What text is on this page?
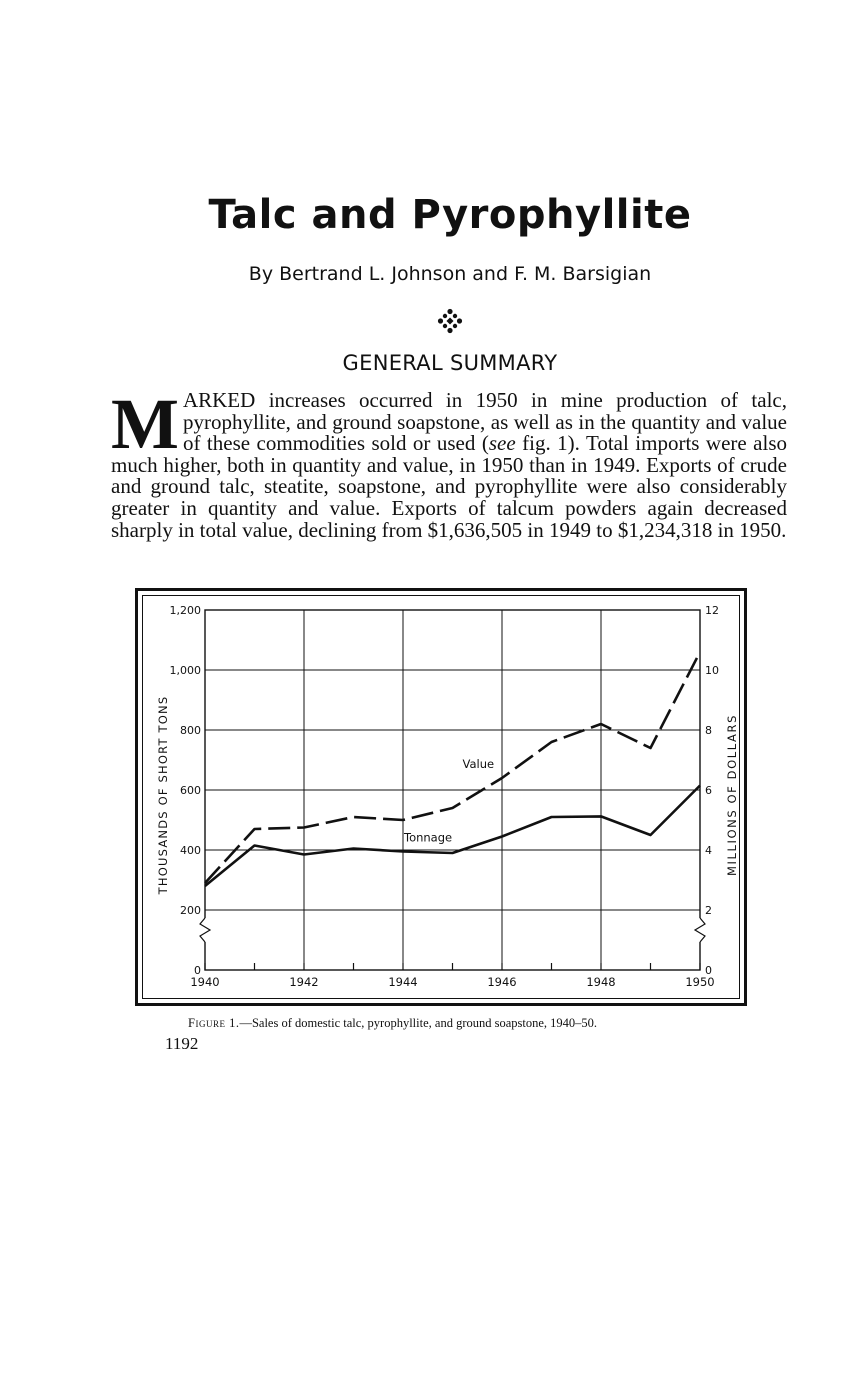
Talc and Pyrophyllite

By Bertrand L. Johnson and F. M. Barsigian

GENERAL SUMMARY

MARKED increases occurred in 1950 in mine production of talc, pyrophyllite, and ground soapstone, as well as in the quantity and value of these commodities sold or used (see fig. 1). Total imports were also much higher, both in quantity and value, in 1950 than in 1949. Exports of crude and ground talc, steatite, soapstone, and pyrophyllite were also considerably greater in quantity and value. Exports of talcum powders again decreased sharply in total value, declining from $1,636,505 in 1949 to $1,234,318 in 1950.

0
200
400
600
800
1,000
1,200
0
2
4
6
8
10
12
1940	1942	1944	1946	1948	1950
Tonnage
Value
THOUSANDS OF SHORT TONS	MILLIONS OF DOLLARS

Figure 1.—Sales of domestic talc, pyrophyllite, and ground soapstone, 1940–50.

1192
